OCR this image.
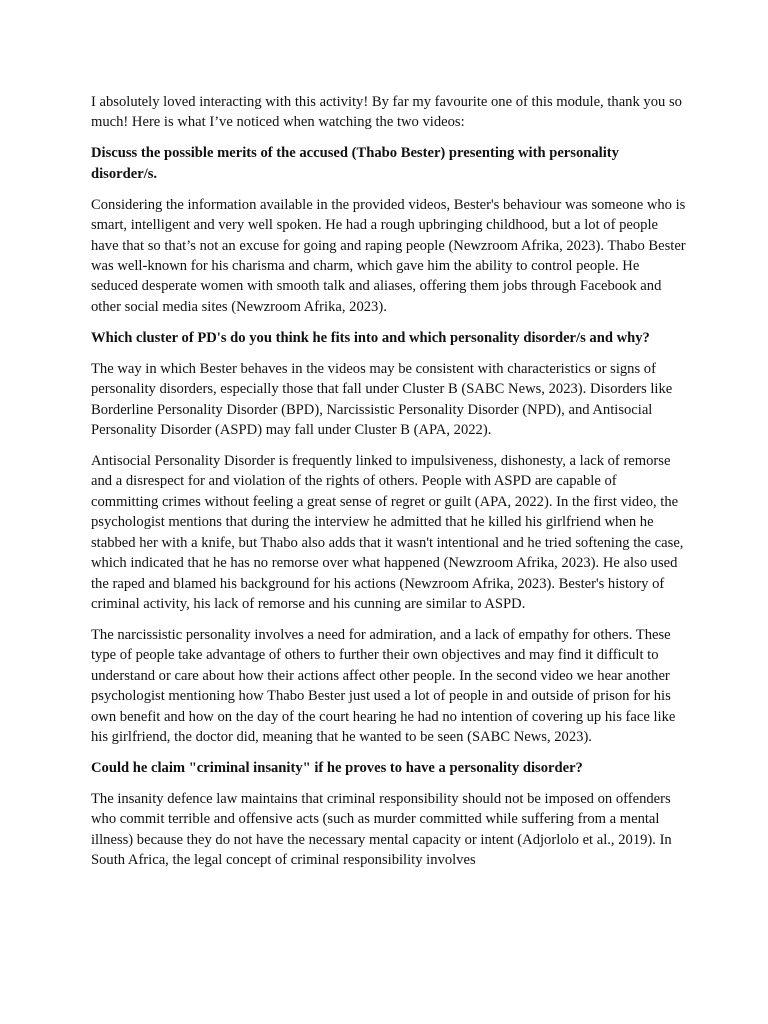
I absolutely loved interacting with this activity! By far my favourite one of this module, thank you so much! Here is what I’ve noticed when watching the two videos:

Discuss the possible merits of the accused (Thabo Bester) presenting with personality disorder/s.

Considering the information available in the provided videos, Bester's behaviour was someone who is smart, intelligent and very well spoken. He had a rough upbringing childhood, but a lot of people have that so that’s not an excuse for going and raping people (Newzroom Afrika, 2023). Thabo Bester was well-known for his charisma and charm, which gave him the ability to control people. He seduced desperate women with smooth talk and aliases, offering them jobs through Facebook and other social media sites (Newzroom Afrika, 2023).

Which cluster of PD's do you think he fits into and which personality disorder/s and why?

The way in which Bester behaves in the videos may be consistent with characteristics or signs of personality disorders, especially those that fall under Cluster B (SABC News, 2023). Disorders like Borderline Personality Disorder (BPD), Narcissistic Personality Disorder (NPD), and Antisocial Personality Disorder (ASPD) may fall under Cluster B (APA, 2022).

Antisocial Personality Disorder is frequently linked to impulsiveness, dishonesty, a lack of remorse and a disrespect for and violation of the rights of others. People with ASPD are capable of committing crimes without feeling a great sense of regret or guilt (APA, 2022). In the first video, the psychologist mentions that during the interview he admitted that he killed his girlfriend when he stabbed her with a knife, but Thabo also adds that it wasn't intentional and he tried softening the case, which indicated that he has no remorse over what happened (Newzroom Afrika, 2023). He also used the raped and blamed his background for his actions (Newzroom Afrika, 2023). Bester's history of criminal activity, his lack of remorse and his cunning are similar to ASPD.

The narcissistic personality involves a need for admiration, and a lack of empathy for others. These type of people take advantage of others to further their own objectives and may find it difficult to understand or care about how their actions affect other people. In the second video we hear another psychologist mentioning how Thabo Bester just used a lot of people in and outside of prison for his own benefit and how on the day of the court hearing he had no intention of covering up his face like his girlfriend, the doctor did, meaning that he wanted to be seen (SABC News, 2023).

Could he claim "criminal insanity" if he proves to have a personality disorder?

The insanity defence law maintains that criminal responsibility should not be imposed on offenders who commit terrible and offensive acts (such as murder committed while suffering from a mental illness) because they do not have the necessary mental capacity or intent (Adjorlolo et al., 2019). In South Africa, the legal concept of criminal responsibility involves
